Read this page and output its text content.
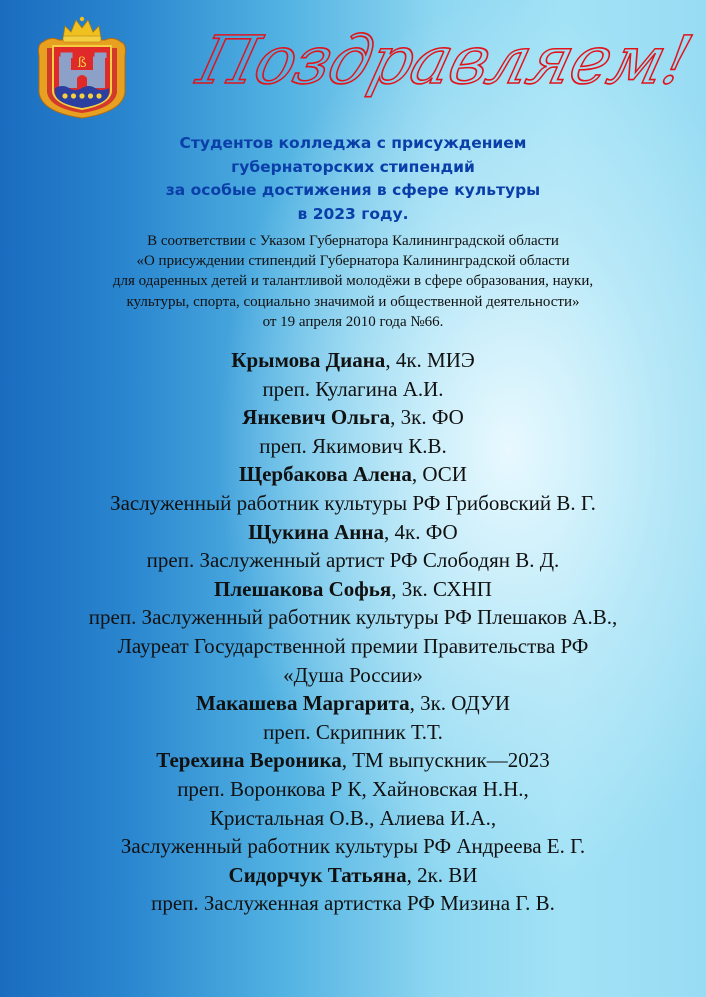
ß Поздравляем!
Студентов колледжа с присуждением
губернаторских стипендий
за особые достижения в сфере культуры
в 2023 году.
В соответствии с Указом Губернатора Калининградской области
«О присуждении стипендий Губернатора Калининградской области
для одаренных детей и талантливой молодёжи в сфере образования, науки,
культуры, спорта, социально значимой и общественной деятельности»
от 19 апреля 2010 года №66.
Крымова Диана, 4к. МИЭ
преп. Кулагина А.И.
Янкевич Ольга, 3к. ФО
преп. Якимович К.В.
Щербакова Алена, ОСИ
Заслуженный работник культуры РФ Грибовский В. Г.
Щукина Анна, 4к. ФО
преп. Заслуженный артист РФ Слободян В. Д.
Плешакова Софья, 3к. СХНП
преп. Заслуженный работник культуры РФ Плешаков А.В.,
Лауреат Государственной премии Правительства РФ
«Душа России»
Макашева Маргарита, 3к. ОДУИ
преп. Скрипник Т.Т.
Терехина Вероника, ТМ выпускник—2023
преп. Воронкова Р К, Хайновская Н.Н.,
Кристальная О.В., Алиева И.А.,
Заслуженный работник культуры РФ Андреева Е. Г.
Сидорчук Татьяна, 2к. ВИ
преп. Заслуженная артистка РФ Мизина Г. В.
